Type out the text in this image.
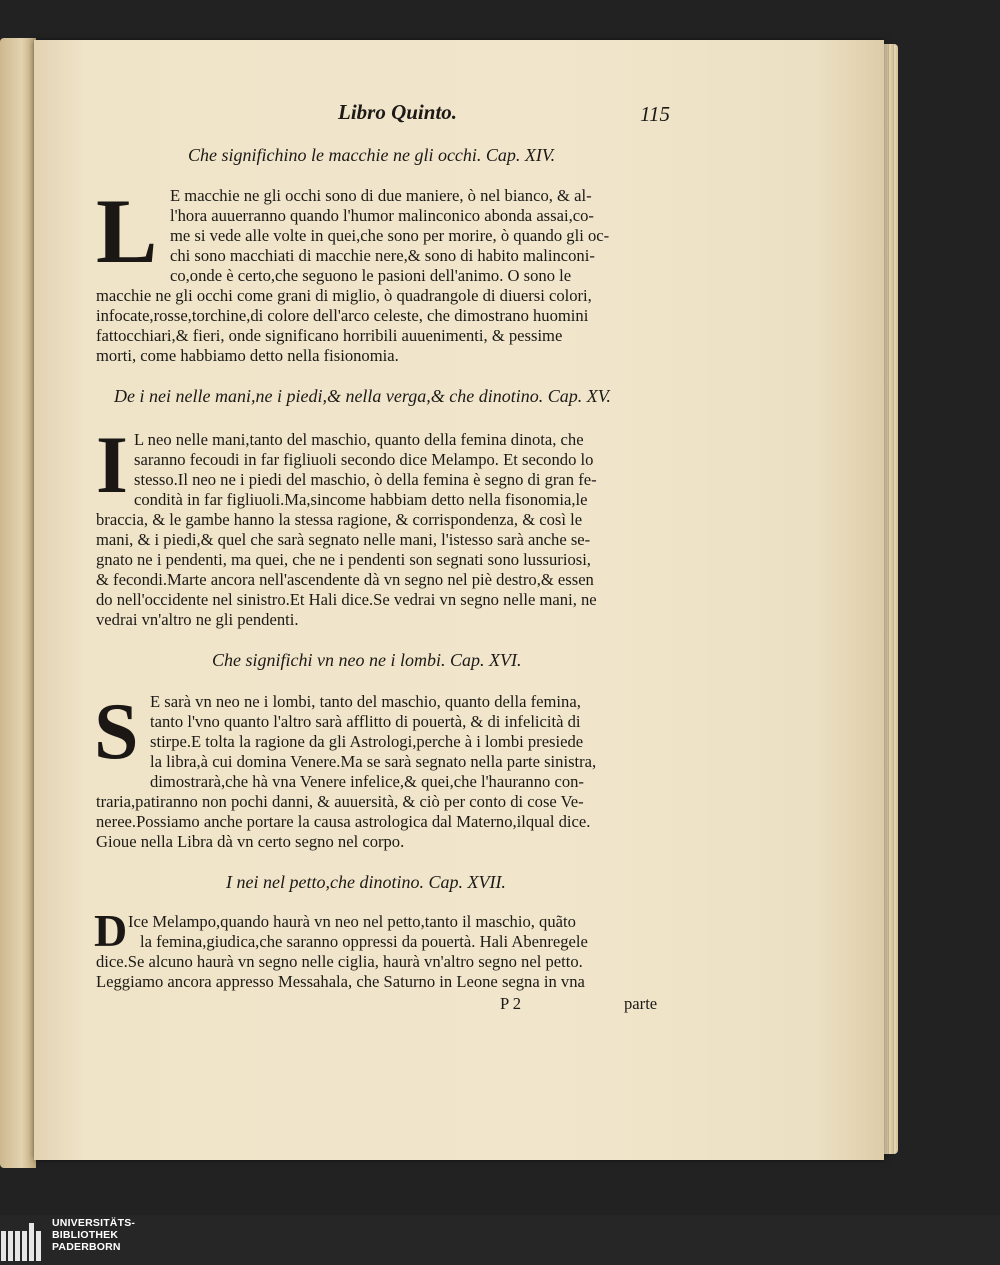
Libro Quinto.	115
Che significhino le macchie ne gli occhi. Cap. XIV.
L E macchie ne gli occhi sono di due maniere, ò nel bianco, & al-
l'hora auuerranno quando l'humor malinconico abonda assai,co-
me si vede alle volte in quei,che sono per morire, ò quando gli oc-
chi sono macchiati di macchie nere,& sono di habito malinconi-
co,onde è certo,che seguono le pasioni dell'animo. O sono le
macchie ne gli occhi come grani di miglio, ò quadrangole di diuersi colori,
infocate,rosse,torchine,di colore dell'arco celeste, che dimostrano huomini
fattocchiari,& fieri, onde significano horribili auuenimenti, & pessime
morti, come habbiamo detto nella fisionomia.
De i nei nelle mani,ne i piedi,& nella verga,& che dinotino. Cap. XV.
I L neo nelle mani,tanto del maschio, quanto della femina dinota, che
saranno fecoudi in far figliuoli secondo dice Melampo. Et secondo lo
stesso.Il neo ne i piedi del maschio, ò della femina è segno di gran fe-
condità in far figliuoli.Ma,sincome habbiam detto nella fisonomia,le
braccia, & le gambe hanno la stessa ragione, & corrispondenza, & così le
mani, & i piedi,& quel che sarà segnato nelle mani, l'istesso sarà anche se-
gnato ne i pendenti, ma quei, che ne i pendenti son segnati sono lussuriosi,
& fecondi.Marte ancora nell'ascendente dà vn segno nel piè destro,& essen
do nell'occidente nel sinistro.Et Hali dice.Se vedrai vn segno nelle mani, ne
vedrai vn'altro ne gli pendenti.
Che significhi vn neo ne i lombi. Cap. XVI.
S E sarà vn neo ne i lombi, tanto del maschio, quanto della femina,
tanto l'vno quanto l'altro sarà afflitto di pouertà, & di infelicità di
stirpe.E tolta la ragione da gli Astrologi,perche à i lombi presiede
la libra,à cui domina Venere.Ma se sarà segnato nella parte sinistra,
dimostrarà,che hà vna Venere infelice,& quei,che l'hauranno con-
traria,patiranno non pochi danni, & auuersità, & ciò per conto di cose Ve-
neree.Possiamo anche portare la causa astrologica dal Materno,ilqual dice.
Gioue nella Libra dà vn certo segno nel corpo.
I nei nel petto,che dinotino. Cap. XVII.
D Ice Melampo,quando haurà vn neo nel petto,tanto il maschio, quãto
la femina,giudica,che saranno oppressi da pouertà. Hali Abenregele
dice.Se alcuno haurà vn segno nelle ciglia, haurà vn'altro segno nel petto.
Leggiamo ancora appresso Messahala, che Saturno in Leone segna in vna
P 2	parte
UNIVERSITÄTS-
BIBLIOTHEK
PADERBORN
